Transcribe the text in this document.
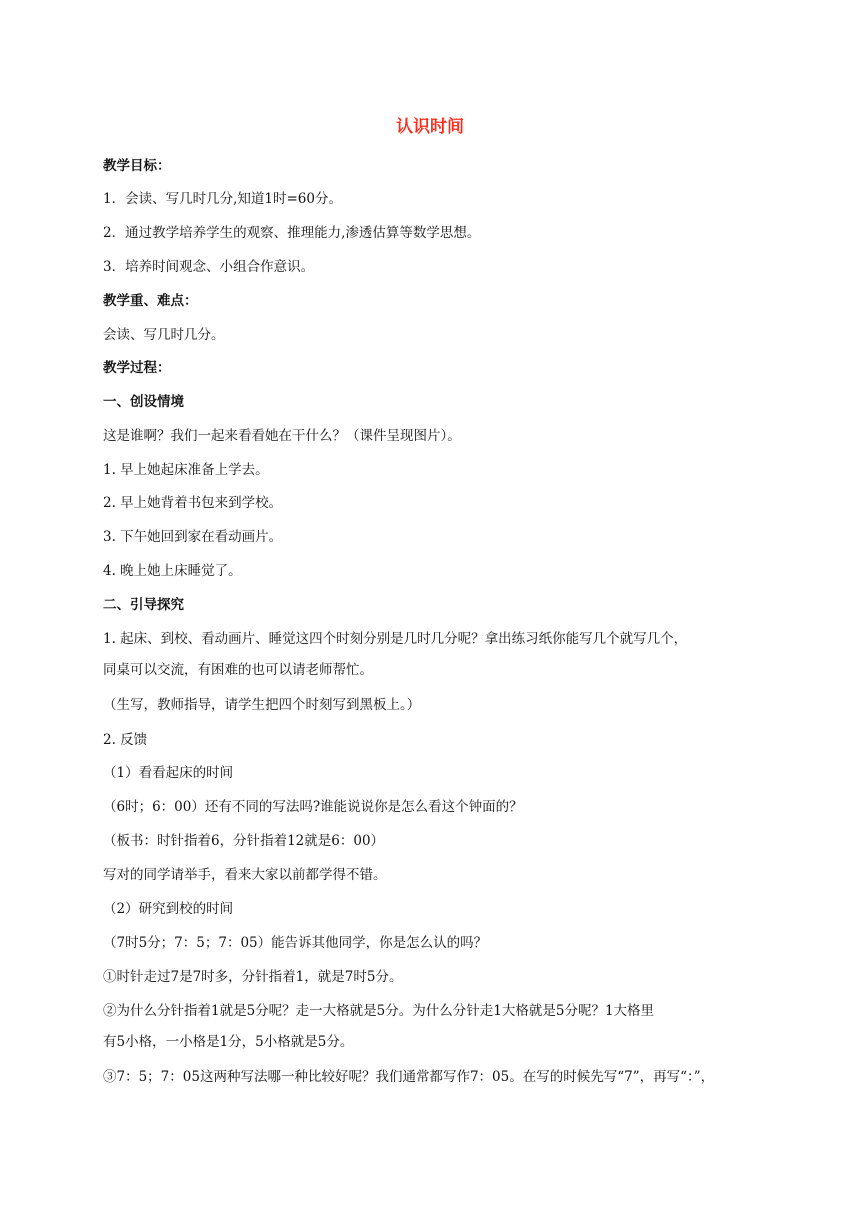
认识时间
教学目标：
1．会读、写几时几分,知道1时=60分。
2．通过教学培养学生的观察、推理能力,渗透估算等数学思想。
3．培养时间观念、小组合作意识。
教学重、难点：
会读、写几时几分。
教学过程：
一、创设情境
这是谁啊？我们一起来看看她在干什么？（课件呈现图片）。
1. 早上她起床准备上学去。
2. 早上她背着书包来到学校。
3. 下午她回到家在看动画片。
4. 晚上她上床睡觉了。
二、引导探究
1. 起床、到校、看动画片、睡觉这四个时刻分别是几时几分呢？拿出练习纸你能写几个就写几个，
同桌可以交流，有困难的也可以请老师帮忙。
（生写，教师指导，请学生把四个时刻写到黑板上。）
2. 反馈
（1）看看起床的时间
（6时；6：00）还有不同的写法吗?谁能说说你是怎么看这个钟面的？
（板书：时针指着6，分针指着12就是6：00）
写对的同学请举手，看来大家以前都学得不错。
（2）研究到校的时间
（7时5分；7：5；7：05）能告诉其他同学，你是怎么认的吗？
①时针走过7是7时多，分针指着1，就是7时5分。
②为什么分针指着1就是5分呢？走一大格就是5分。为什么分针走1大格就是5分呢？1大格里
有5小格，一小格是1分，5小格就是5分。
③7：5；7：05这两种写法哪一种比较好呢？我们通常都写作7：05。在写的时候先写“7”，再写“：”，
